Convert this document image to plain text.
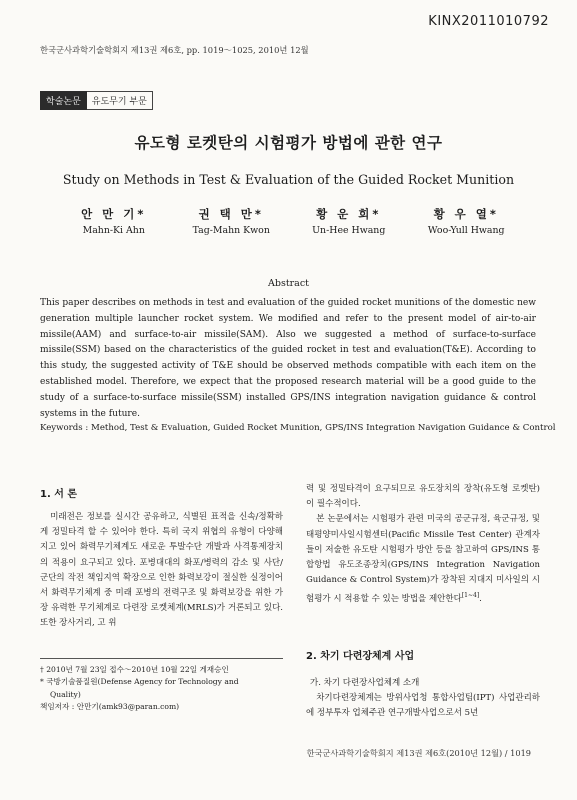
KINX2011010792
한국군사과학기술학회지 제13권 제6호, pp. 1019～1025, 2010년 12월
학술논문	유도무기 부문
유도형 로켓탄의 시험평가 방법에 관한 연구
Study on Methods in Test & Evaluation of the Guided Rocket Munition
안 만 기*
Mahn-Ki Ahn
권 택 만*
Tag-Mahn Kwon
황 운 희*
Un-Hee Hwang
황 우 열*
Woo-Yull Hwang
Abstract
This paper describes on methods in test and evaluation of the guided rocket munitions of the domestic new generation multiple launcher rocket system. We modified and refer to the present model of air-to-air missile(AAM) and surface-to-air missile(SAM). Also we suggested a method of surface-to-surface missile(SSM) based on the characteristics of the guided rocket in test and evaluation(T&E). According to this study, the suggested activity of T&E should be observed methods compatible with each item on the established model. Therefore, we expect that the proposed research material will be a good guide to the study of a surface-to-surface missile(SSM) installed GPS/INS integration navigation guidance & control systems in the future.
Keywords : Method, Test & Evaluation, Guided Rocket Munition, GPS/INS Integration Navigation Guidance & Control
1. 서 론

미래전은 정보를 실시간 공유하고, 식별된 표적을 신속/정확하게 정밀타격 할 수 있어야 한다. 특히 국지 위협의 유형이 다양해지고 있어 화력무기체계도 새로운 투발수단 개발과 사격통제장치의 적용이 요구되고 있다. 포병대대의 화포/병력의 감소 및 사단/군단의 작전 책임지역 확장으로 인한 화력보강이 절실한 실정이어서 화력무기체계 중 미래 포병의 전력구조 및 화력보강을 위한 가장 유력한 무기체계로 다련장 로켓체계(MRLS)가 거론되고 있다. 또한 장사거리, 고 위

† 2010년 7월 23일 접수～2010년 10월 22일 게재승인
* 국방기술품질원(Defense Agency for Technology and
Quality)
책임저자 : 안만기(amk93@paran.com)

력 및 정밀타격이 요구되므로 유도장치의 장착(유도형 로켓탄)이 필수적이다.

본 논문에서는 시험평가 관련 미국의 공군규정, 육군규정, 및 태평양미사일시험센터(Pacific Missile Test Center) 관계자들이 저술한 유도탄 시험평가 방안 등을 참고하여 GPS/INS 통합항법 유도조종장치(GPS/INS Integration Navigation Guidance & Control System)가 장착된 지대지 미사일의 시험평가 시 적용할 수 있는 방법을 제안한다[1~4].

2. 차기 다련장체계 사업
가. 차기 다련장사업체계 소개

차기다련장체계는 방위사업청 통합사업팀(IPT) 사업관리하에 정부투자 업체주관 연구개발사업으로서 5년

한국군사과학기술학회지 제13권 제6호(2010년 12월) / 1019
